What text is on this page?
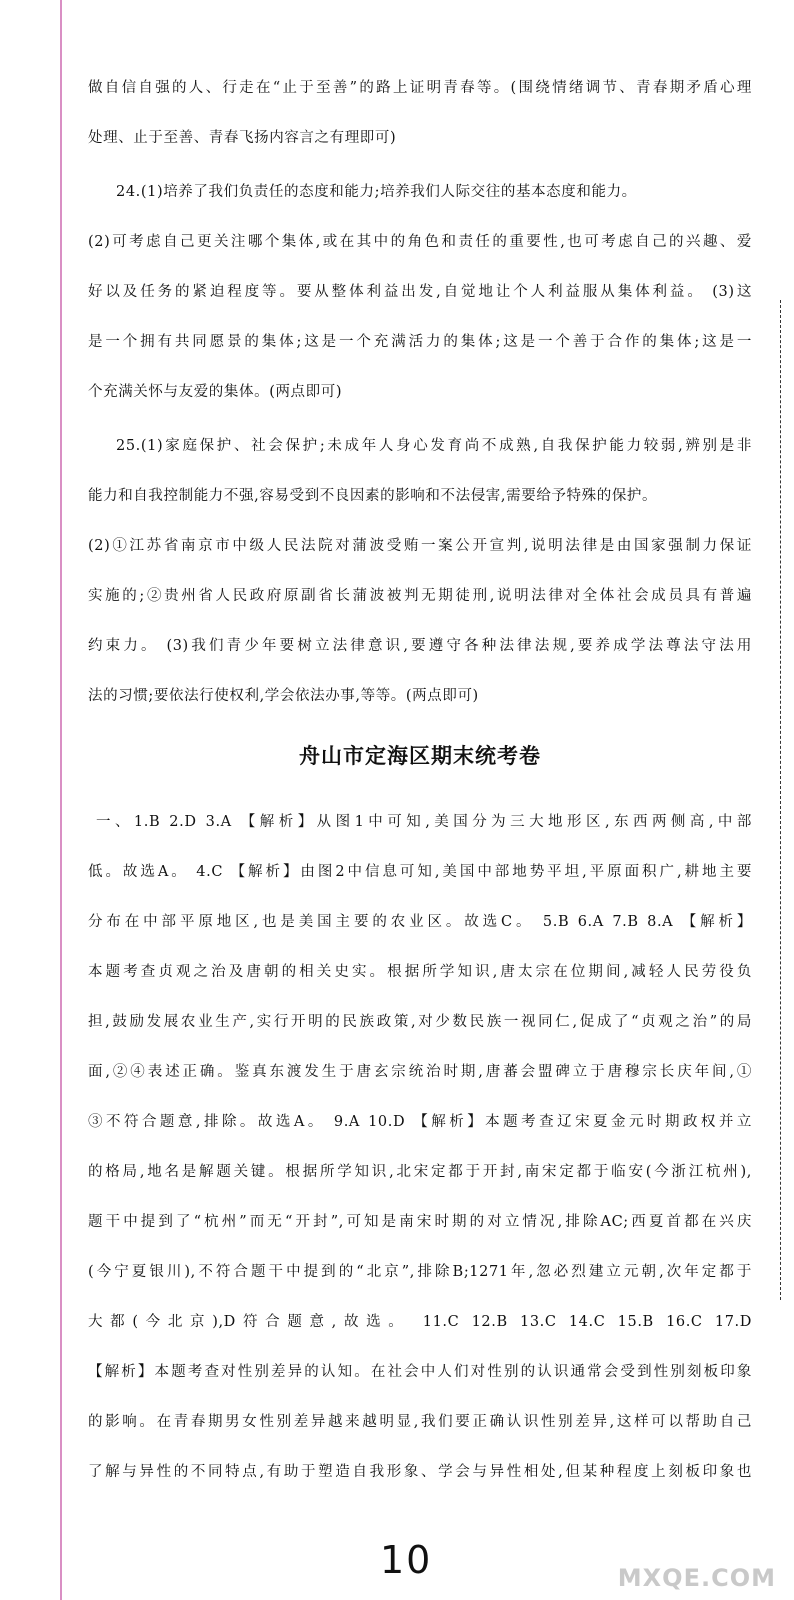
做自信自强的人、行走在“止于至善”的路上证明青春等。(围绕情绪调节、青春期矛盾心理

处理、止于至善、青春飞扬内容言之有理即可)

24.(1)培养了我们负责任的态度和能力;培养我们人际交往的基本态度和能力。

(2)可考虑自己更关注哪个集体,或在其中的角色和责任的重要性,也可考虑自己的兴趣、爱

好以及任务的紧迫程度等。要从整体利益出发,自觉地让个人利益服从集体利益。 (3)这

是一个拥有共同愿景的集体;这是一个充满活力的集体;这是一个善于合作的集体;这是一

个充满关怀与友爱的集体。(两点即可)

25.(1)家庭保护、社会保护;未成年人身心发育尚不成熟,自我保护能力较弱,辨别是非

能力和自我控制能力不强,容易受到不良因素的影响和不法侵害,需要给予特殊的保护。

(2)①江苏省南京市中级人民法院对蒲波受贿一案公开宣判,说明法律是由国家强制力保证

实施的;②贵州省人民政府原副省长蒲波被判无期徒刑,说明法律对全体社会成员具有普遍

约束力。 (3)我们青少年要树立法律意识,要遵守各种法律法规,要养成学法尊法守法用

法的习惯;要依法行使权利,学会依法办事,等等。(两点即可)

舟山市定海区期末统考卷

一、1.B 2.D 3.A 【解析】从图1中可知,美国分为三大地形区,东西两侧高,中部

低。故选A。 4.C 【解析】由图2中信息可知,美国中部地势平坦,平原面积广,耕地主要

分布在中部平原地区,也是美国主要的农业区。故选C。 5.B 6.A 7.B 8.A 【解析】

本题考查贞观之治及唐朝的相关史实。根据所学知识,唐太宗在位期间,减轻人民劳役负

担,鼓励发展农业生产,实行开明的民族政策,对少数民族一视同仁,促成了“贞观之治”的局

面,②④表述正确。鉴真东渡发生于唐玄宗统治时期,唐蕃会盟碑立于唐穆宗长庆年间,①

③不符合题意,排除。故选A。 9.A 10.D 【解析】本题考查辽宋夏金元时期政权并立

的格局,地名是解题关键。根据所学知识,北宋定都于开封,南宋定都于临安(今浙江杭州),

题干中提到了“杭州”而无“开封”,可知是南宋时期的对立情况,排除AC;西夏首都在兴庆

(今宁夏银川),不符合题干中提到的“北京”,排除B;1271年,忽必烈建立元朝,次年定都于

大都(今北京),D符合题意,故选。 11.C 12.B 13.C 14.C 15.B 16.C 17.D

【解析】本题考查对性别差异的认知。在社会中人们对性别的认识通常会受到性别刻板印象

的影响。在青春期男女性别差异越来越明显,我们要正确认识性别差异,这样可以帮助自己

了解与异性的不同特点,有助于塑造自我形象、学会与异性相处,但某种程度上刻板印象也

10	MXQE.COM
